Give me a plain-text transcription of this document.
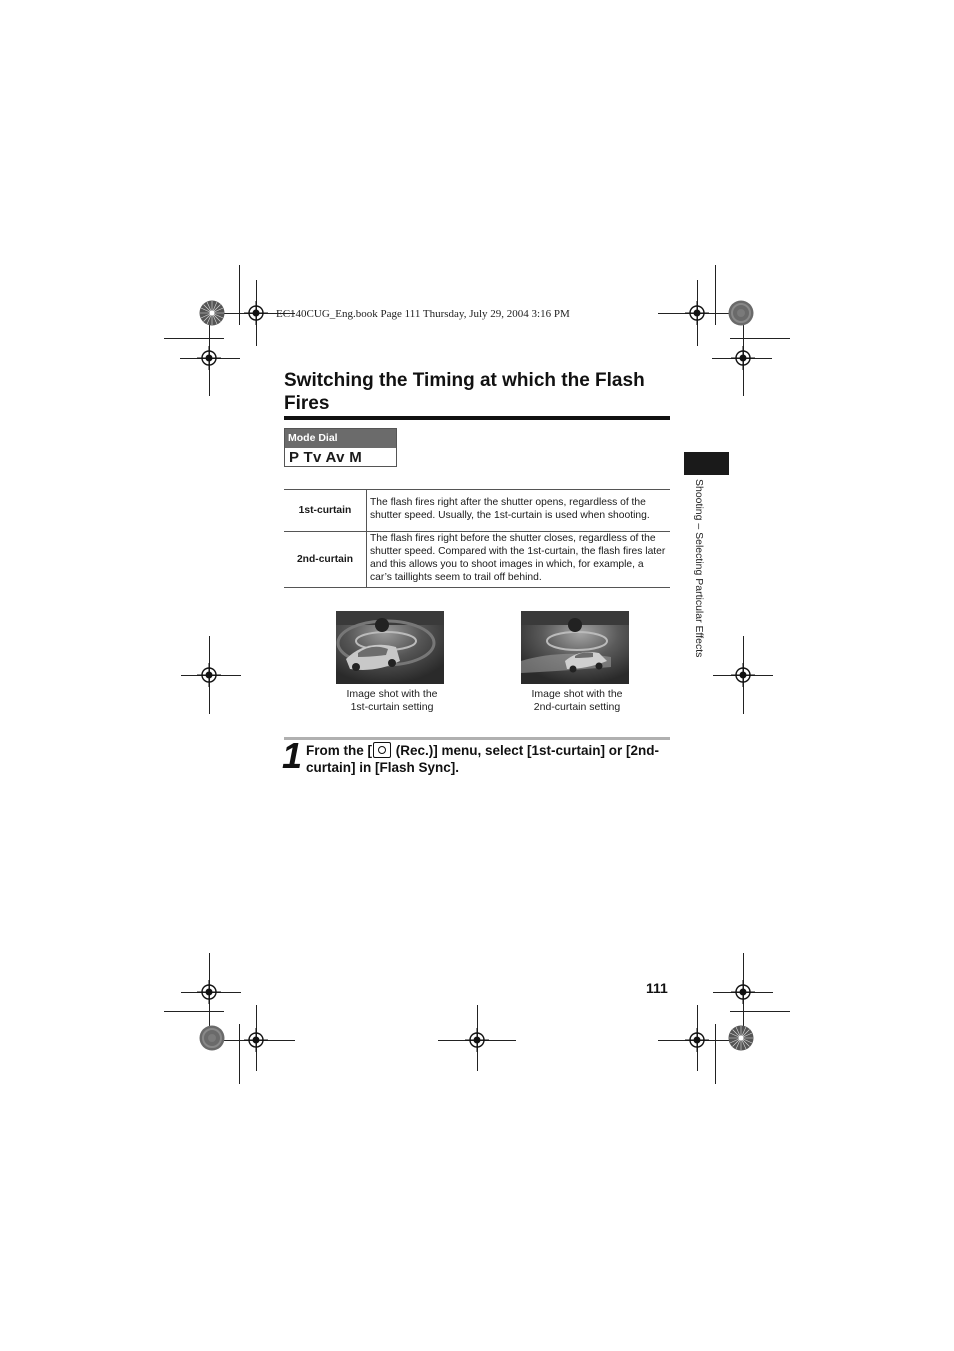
EC140CUG_Eng.book Page 111 Thursday, July 29, 2004 3:16 PM
Switching the Timing at which the Flash Fires
Mode Dial
P Tv Av M
Shooting – Selecting Particular Effects
1st-curtain	The flash fires right after the shutter opens, regardless of the shutter speed. Usually, the 1st-curtain is used when shooting.
2nd-curtain	The flash fires right before the shutter closes, regardless of the shutter speed. Compared with the 1st-curtain, the flash fires later and this allows you to shoot images in which, for example, a car’s taillights seem to trail off behind.
Image shot with the
1st-curtain setting
Image shot with the
2nd-curtain setting
1 From the [ (Rec.)] menu, select [1st-curtain] or [2nd-curtain] in [Flash Sync].
111
